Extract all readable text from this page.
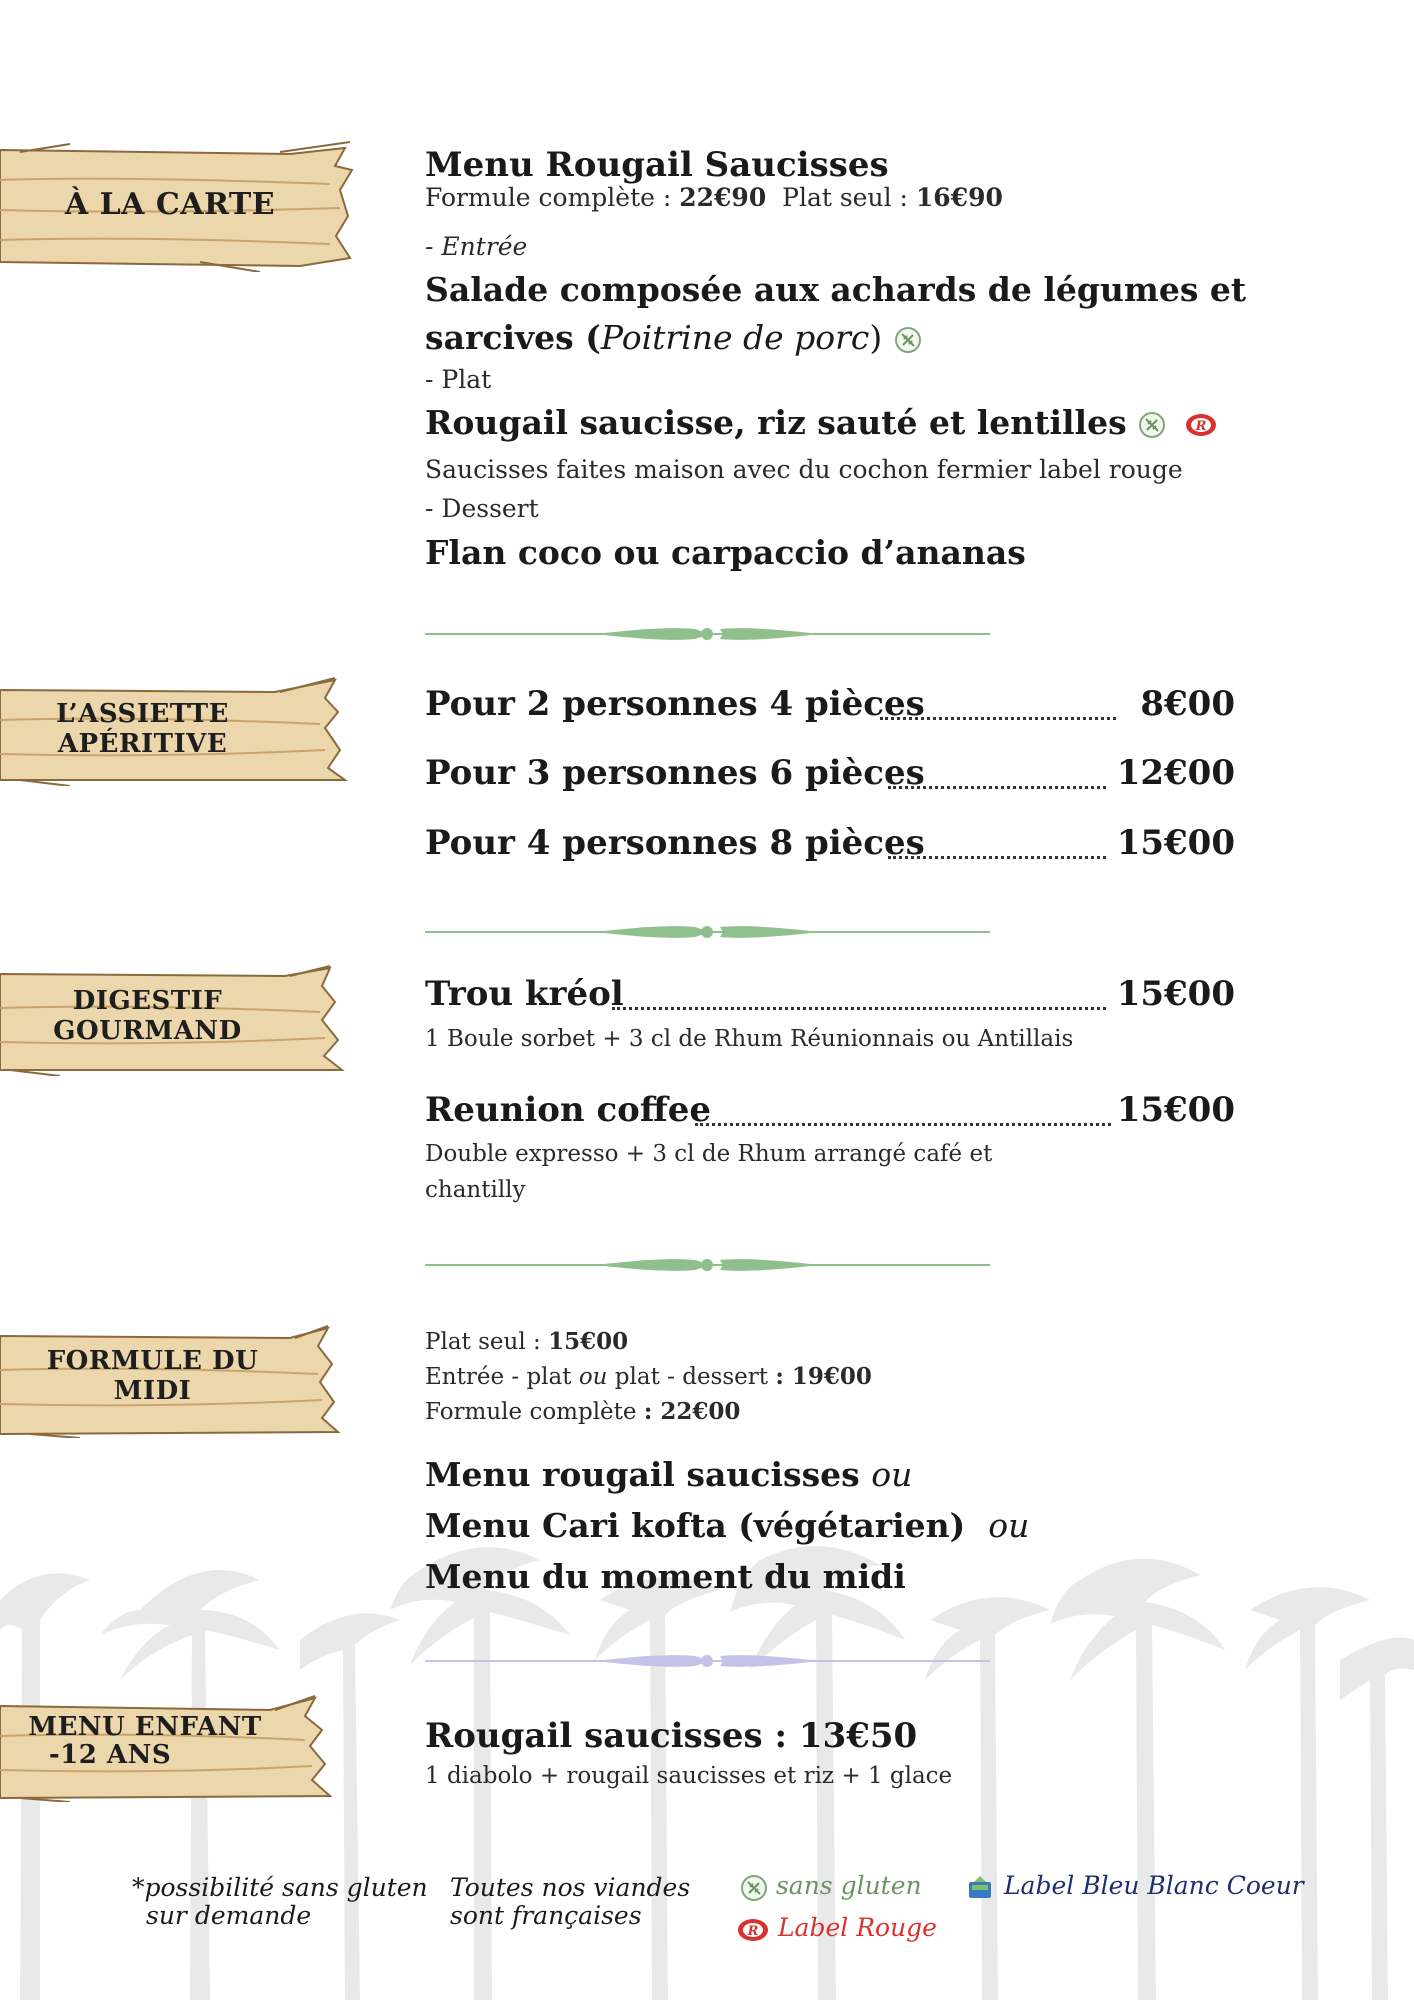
À LA CARTE
Menu Rougail Saucisses
Formule complète : 22€90 Plat seul : 16€90
- Entrée
Salade composée aux achards de légumes et
sarcives (Poitrine de porc)
- Plat
Rougail saucisse, riz sauté et lentilles	R
Saucisses faites maison avec du cochon fermier label rouge
- Dessert
Flan coco ou carpaccio d’ananas
L’ASSIETTE
APÉRITIVE
Pour 2 personnes 4 pièces	8€00
Pour 3 personnes 6 pièces	12€00
Pour 4 personnes 8 pièces	15€00
DIGESTIF
GOURMAND
Trou kréol	15€00
1 Boule sorbet + 3 cl de Rhum Réunionnais ou Antillais
Reunion coffee	15€00
Double expresso + 3 cl de Rhum arrangé café et
chantilly
FORMULE DU
MIDI
Plat seul : 15€00
Entrée - plat ou plat - dessert : 19€00
Formule complète : 22€00
Menu rougail saucisses ou
Menu Cari kofta (végétarien) ou
Menu du moment du midi
MENU ENFANT
-12 ANS	Rougail saucisses : 13€50
1 diabolo + rougail saucisses et riz + 1 glace
*possibilité sans gluten
sur demande
Toutes nos viandes
sont françaises
sans gluten
R Label Rouge
Label Bleu Blanc Coeur
